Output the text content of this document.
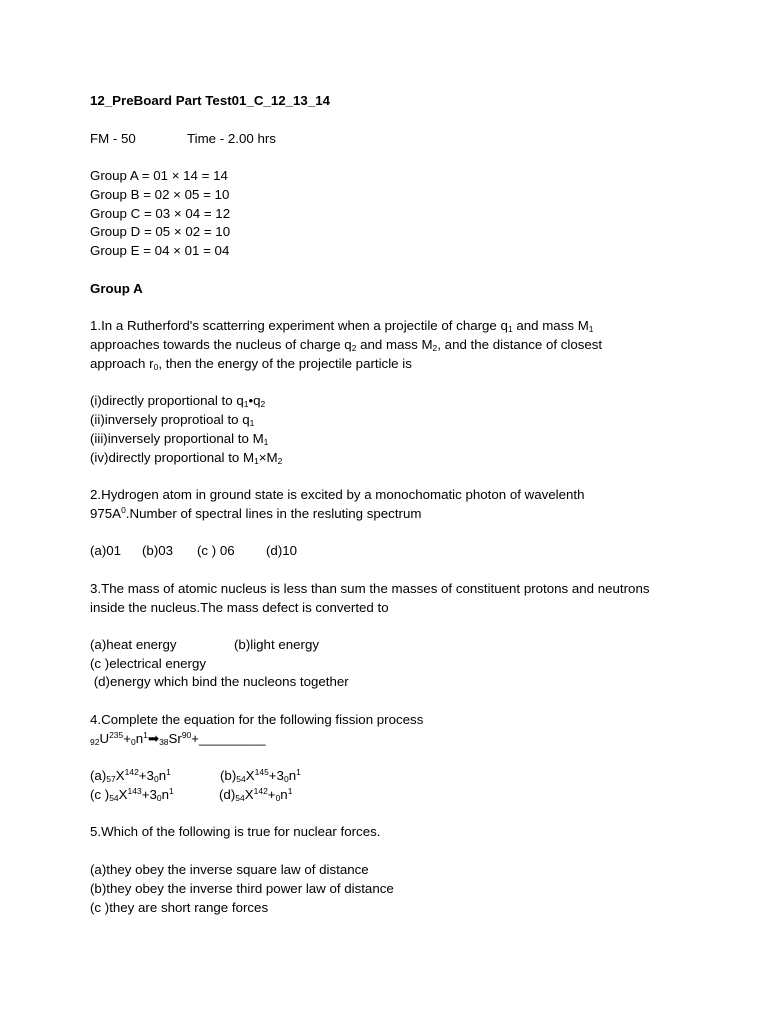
12_PreBoard Part Test01_C_12_13_14
FM - 50	Time - 2.00 hrs
Group A = 01 × 14 = 14
Group B = 02 × 05 = 10
Group C = 03 × 04 = 12
Group D = 05 × 02 = 10
Group E = 04 × 01 = 04
Group A
1.In a Rutherford's scatterring experiment when a projectile of charge $q_1$ and mass $M_1$
approaches towards the nucleus of charge $q_2$ and mass $M_2$, and the distance of closest
approach $r_0$, then the energy of the projectile particle is
(i)directly proportional to $q_1•q_2$
(ii)inversely proprotioal to $q_1$
(iii)inversely proportional to $M_1$
(iv)directly proportional to $M_1\times M_2$
2.Hydrogen atom in ground state is excited by a monochomatic photon of wavelenth
$975A^0.Number$ of spectral lines in the resluting spectrum
(a)01 (b)03 (c ) 06 (d)10
3.The mass of atomic nucleus is less than sum the masses of constituent protons and neutrons
inside the nucleus.The mass defect is converted to
(a)heat energy	(b)light energy
(c )electrical energy
(d)energy which bind the nucleons together
4.Complete the equation for the following fission process
$_{92}U^{235}+_0n^1➡_{38}Sr^{90}+\_\_\_\_\_\_\_\_\_$
$(a)_{57}X^{142}+3_0n^1$	$(b)_{54}X^{145}+3_0n^1$
(c )$_{54}X^{143}+3_0n^1$	$(d)_{54}X^{142}+_0n^1$
5.Which of the following is true for nuclear forces.
(a)they obey the inverse square law of distance
(b)they obey the inverse third power law of distance
(c )they are short range forces
